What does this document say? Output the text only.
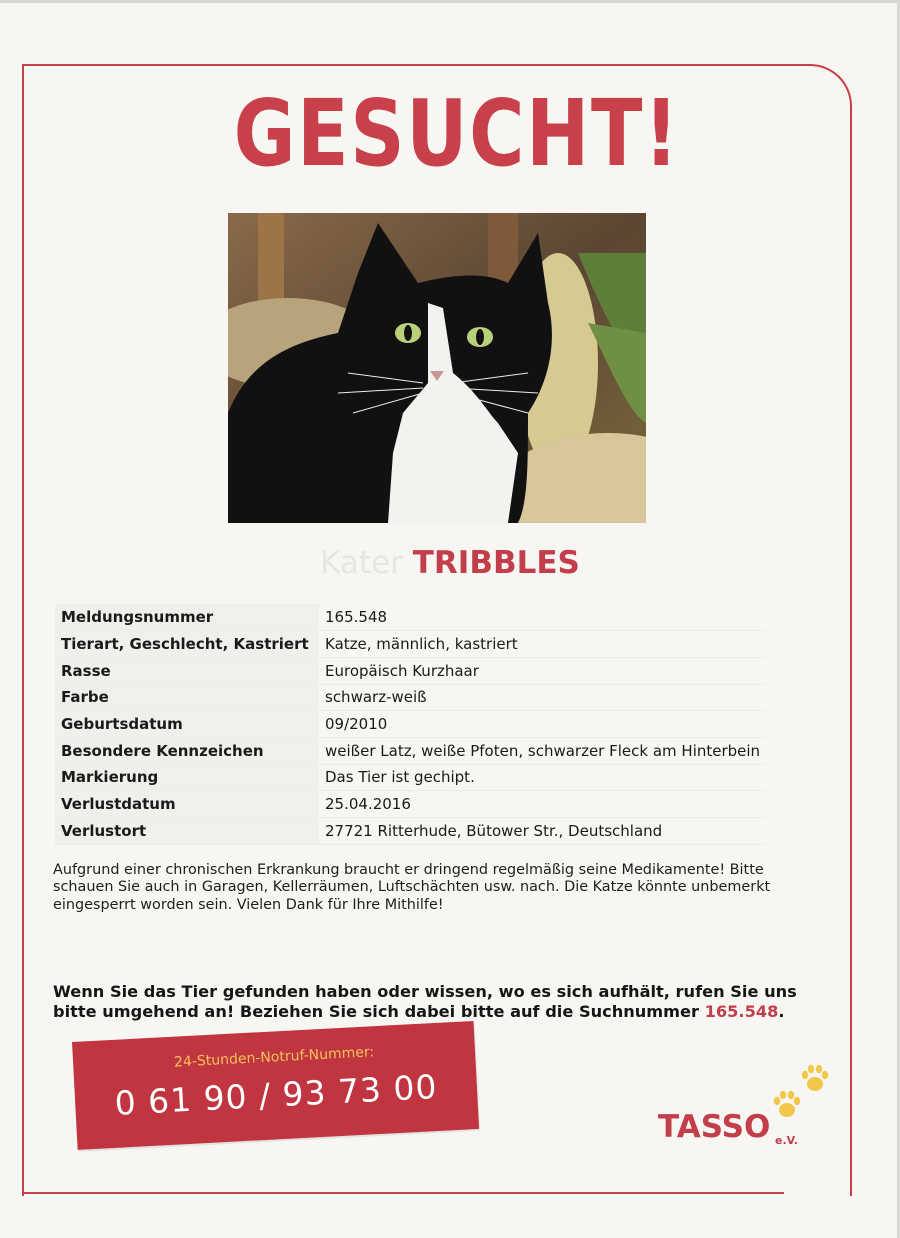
GESUCHT!
Kater TRIBBLES
Meldungsnummer	165.548
Tierart, Geschlecht, Kastriert	Katze, männlich, kastriert
Rasse	Europäisch Kurzhaar
Farbe	schwarz-weiß
Geburtsdatum	09/2010
Besondere Kennzeichen	weißer Latz, weiße Pfoten, schwarzer Fleck am Hinterbein
Markierung	Das Tier ist gechipt.
Verlustdatum	25.04.2016
Verlustort	27721 Ritterhude, Bütower Str., Deutschland
Aufgrund einer chronischen Erkrankung braucht er dringend regelmäßig seine Medikamente! Bitte schauen Sie auch in Garagen, Kellerräumen, Luftschächten usw. nach. Die Katze könnte unbemerkt eingesperrt worden sein. Vielen Dank für Ihre Mithilfe!
Wenn Sie das Tier gefunden haben oder wissen, wo es sich aufhält, rufen Sie uns bitte umgehend an! Beziehen Sie sich dabei bitte auf die Suchnummer 165.548.
24-Stunden-Notruf-Nummer:
0 61 90 / 93 73 00
TASSO e.V.
